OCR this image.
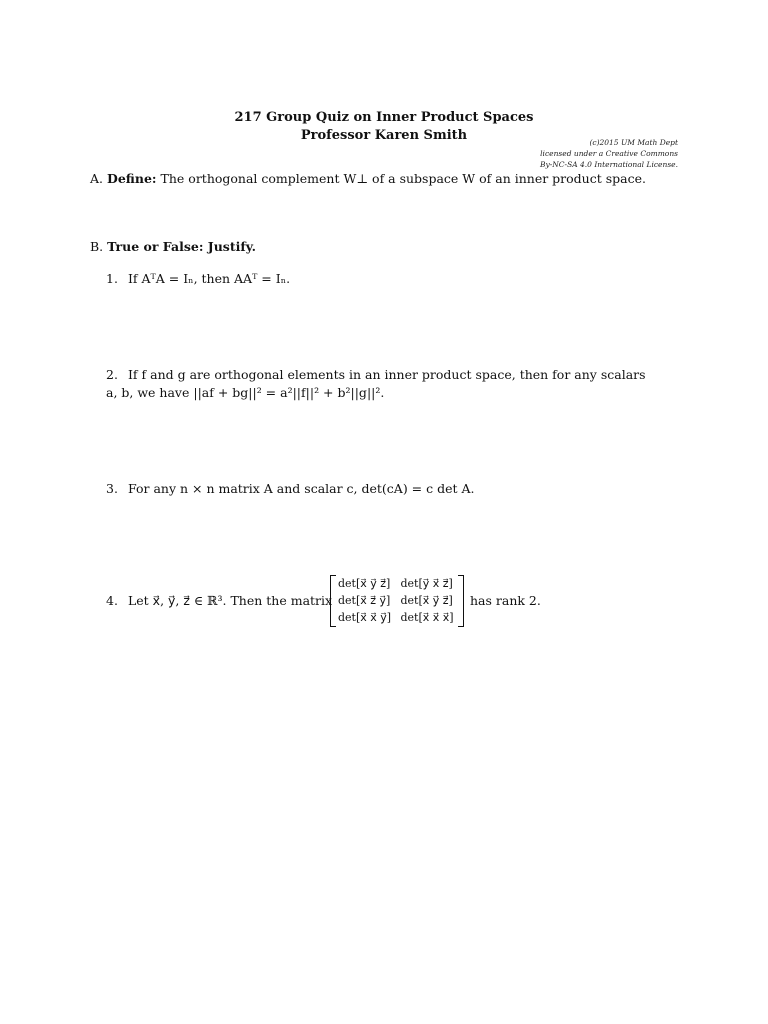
217 Group Quiz on Inner Product Spaces
Professor Karen Smith	(c)2015 UM Math Dept
licensed under a Creative Commons
By-NC-SA 4.0 International License.
A. Define: The orthogonal complement W⊥ of a subspace W of an inner product space.
B. True or False: Justify.
1. If AᵀA = Iₙ, then AAᵀ = Iₙ.
2. If f and g are orthogonal elements in an inner product space, then for any scalars a, b, we have ||af + bg||² = a²||f||² + b²||g||².
3. For any n × n matrix A and scalar c, det(cA) = c det A.
4. Let x⃗, y⃗, z⃗ ∈ ℝ³. Then the matrix
det[x⃗ y⃗ z⃗] det[y⃗ x⃗ z⃗]
det[x⃗ z⃗ y⃗] det[x⃗ y⃗ z⃗]
det[x⃗ x⃗ y⃗] det[x⃗ x⃗ x⃗]
has rank 2.
